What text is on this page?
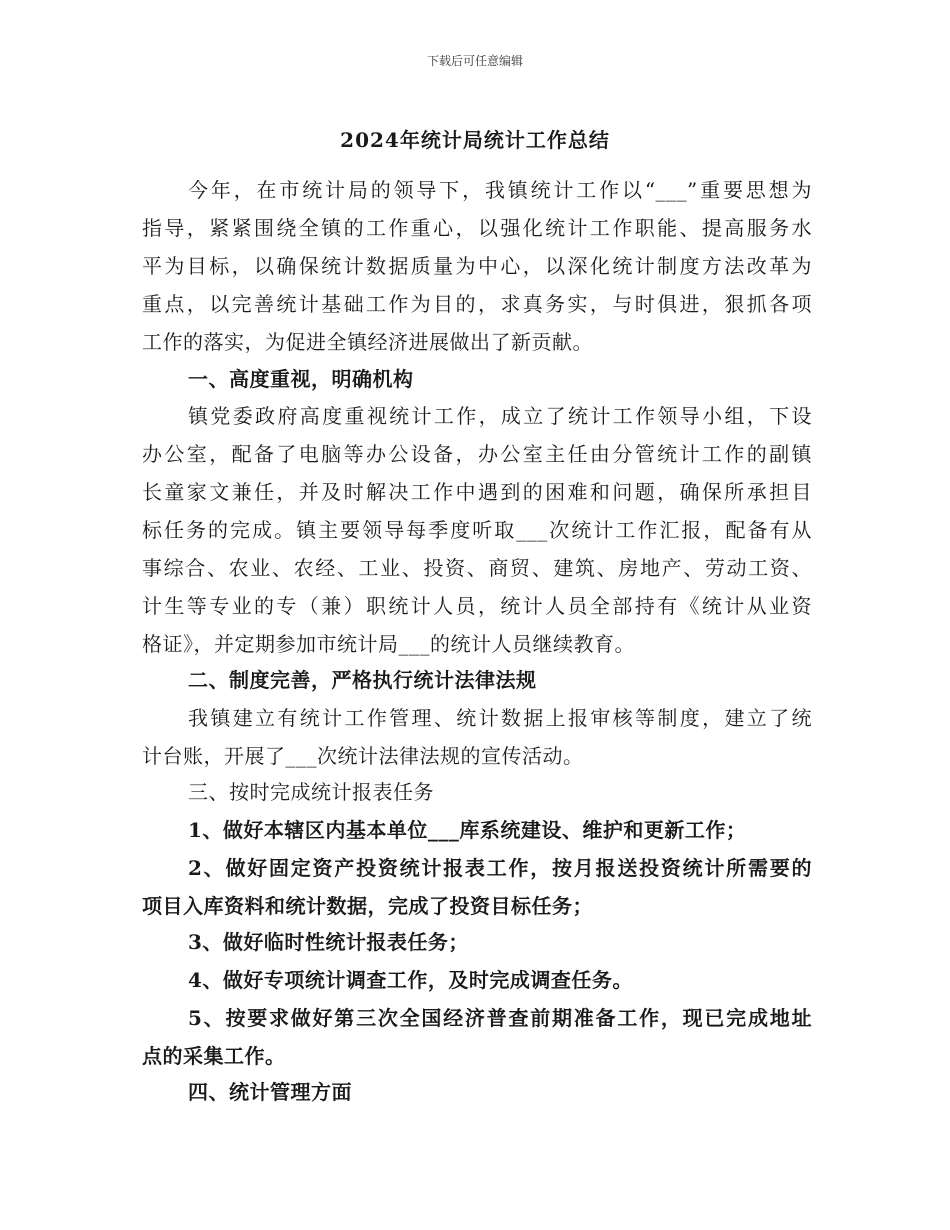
下载后可任意编辑
2024年统计局统计工作总结
今年，在市统计局的领导下，我镇统计工作以“___”重要思想为
指导，紧紧围绕全镇的工作重心，以强化统计工作职能、提高服务水
平为目标，以确保统计数据质量为中心，以深化统计制度方法改革为
重点，以完善统计基础工作为目的，求真务实，与时俱进，狠抓各项
工作的落实，为促进全镇经济进展做出了新贡献。
一、高度重视，明确机构
镇党委政府高度重视统计工作，成立了统计工作领导小组，下设
办公室，配备了电脑等办公设备，办公室主任由分管统计工作的副镇
长童家文兼任，并及时解决工作中遇到的困难和问题，确保所承担目
标任务的完成。镇主要领导每季度听取___次统计工作汇报，配备有从
事综合、农业、农经、工业、投资、商贸、建筑、房地产、劳动工资、
计生等专业的专（兼）职统计人员，统计人员全部持有《统计从业资
格证》，并定期参加市统计局___的统计人员继续教育。
二、制度完善，严格执行统计法律法规
我镇建立有统计工作管理、统计数据上报审核等制度，建立了统
计台账，开展了___次统计法律法规的宣传活动。
三、按时完成统计报表任务
1、做好本辖区内基本单位___库系统建设、维护和更新工作；
2、做好固定资产投资统计报表工作，按月报送投资统计所需要的
项目入库资料和统计数据，完成了投资目标任务；
3、做好临时性统计报表任务；
4、做好专项统计调查工作，及时完成调查任务。
5、按要求做好第三次全国经济普查前期准备工作，现已完成地址
点的采集工作。
四、统计管理方面
